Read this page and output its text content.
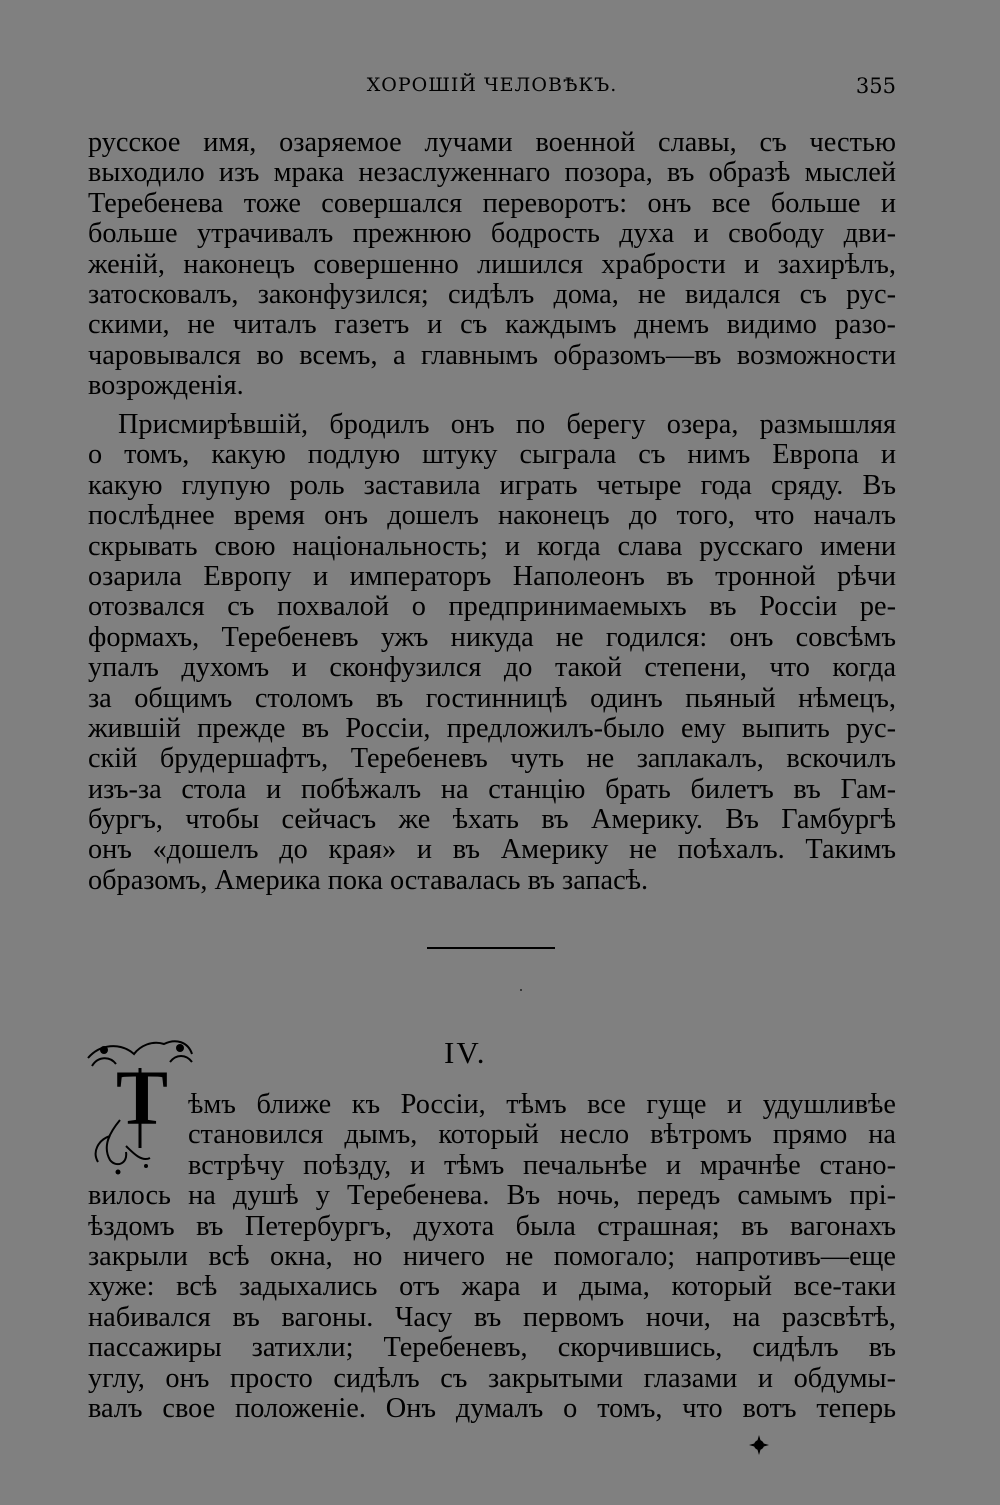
ХОРОШІЙ ЧЕЛОВѢКЪ.	355
русское имя, озаряемое лучами военной славы, съ честью
выходило изъ мрака незаслуженнаго позора, въ образѣ мыслей
Теребенева тоже совершался переворотъ: онъ все больше и
больше утрачивалъ прежнюю бодрость духа и свободу дви-
женій, наконецъ совершенно лишился храбрости и захирѣлъ,
затосковалъ, законфузился; сидѣлъ дома, не видался съ рус-
скими, не читалъ газетъ и съ каждымъ днемъ видимо разо-
чаровывался во всемъ, а главнымъ образомъ—въ возможности
возрожденія.
Присмирѣвшій, бродилъ онъ по берегу озера, размышляя
о томъ, какую подлую штуку сыграла съ нимъ Европа и
какую глупую роль заставила играть четыре года сряду. Въ
послѣднее время онъ дошелъ наконецъ до того, что началъ
скрывать свою національность; и когда слава русскаго имени
озарила Европу и императоръ Наполеонъ въ тронной рѣчи
отозвался съ похвалой о предпринимаемыхъ въ Россіи ре-
формахъ, Теребеневъ ужъ никуда не годился: онъ совсѣмъ
упалъ духомъ и сконфузился до такой степени, что когда
за общимъ столомъ въ гостинницѣ одинъ пьяный нѣмецъ,
жившій прежде въ Россіи, предложилъ-было ему выпить рус-
скій брудершафтъ, Теребеневъ чуть не заплакалъ, вскочилъ
изъ-за стола и побѣжалъ на станцію брать билетъ въ Гам-
бургъ, чтобы сейчасъ же ѣхать въ Америку. Въ Гамбургѣ
онъ «дошелъ до края» и въ Америку не поѣхалъ. Такимъ
образомъ, Америка пока оставалась въ запасѣ.
IV.
Т ѣмъ ближе къ Россіи, тѣмъ все гуще и удушливѣе
становился дымъ, который несло вѣтромъ прямо на
встрѣчу поѣзду, и тѣмъ печальнѣе и мрачнѣе стано-
вилось на душѣ у Теребенева. Въ ночь, передъ самымъ прі-
ѣздомъ въ Петербургъ, духота была страшная; въ вагонахъ
закрыли всѣ окна, но ничего не помогало; напротивъ—еще
хуже: всѣ задыхались отъ жара и дыма, который все-таки
набивался въ вагоны. Часу въ первомъ ночи, на разсвѣтѣ,
пассажиры затихли; Теребеневъ, скорчившись, сидѣлъ въ
углу, онъ просто сидѣлъ съ закрытыми глазами и обдумы-
валъ свое положеніе. Онъ думалъ о томъ, что вотъ теперь
